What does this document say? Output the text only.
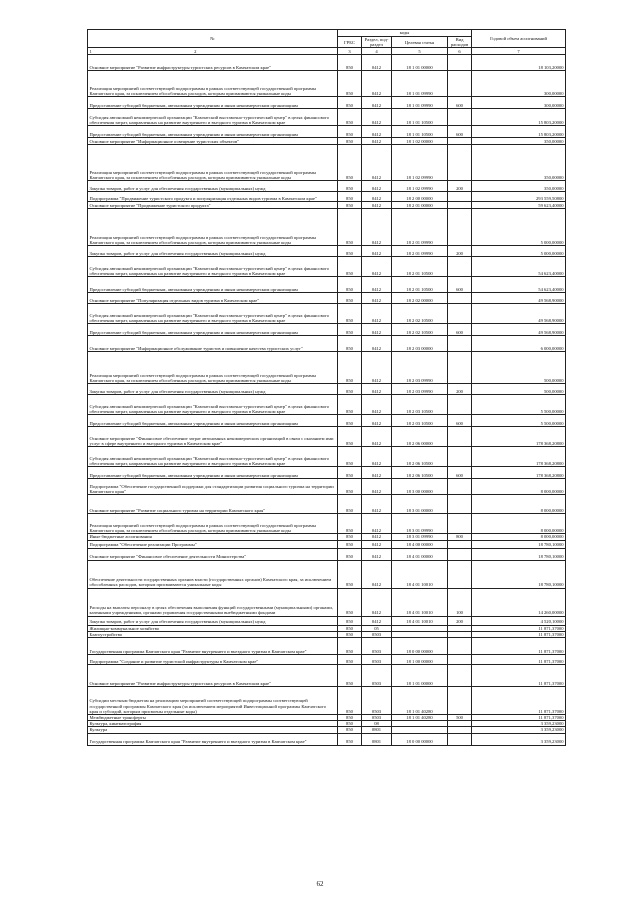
№	коды				Годовой объем ассигнований
	ГРБС	Раздел, под-раздел	Целевая статья	Вид расходов	
1 2	3	4	5	6	7
Основное мероприятие "Развитие инфраструктуры туристских ресурсов в Камчатском крае"	850	0412	18 1 01 00000		18 103,20000
Реализация мероприятий соответствующей подпрограммы в рамках соответствующей государственной программы Камчатского края, за исключением обособленных расходов, которым присваиваются уникальные коды	850	0412	18 1 01 09990		300,00000
Предоставление субсидий бюджетным, автономным учреждениям и иным некоммерческим организациям	850	0412	18 1 01 09990	600	300,00000
Субсидия автономной некоммерческой организации "Камчатский выставочно-туристический центр" в целях финансового обеспечения затрат, направленных на развитие внутреннего и въездного туризма в Камчатском крае	850	0412	18 1 01 10500		15 803,20000
Предоставление субсидий бюджетным, автономным учреждениям и иным некоммерческим организациям	850	0412	18 1 01 10500	600	15 803,20000
Основное мероприятие "Информационное освещение туристских объектов"	850	0412	18 1 02 00000		350,00000
Реализация мероприятий соответствующей подпрограммы в рамках соответствующей государственной программы Камчатского края, за исключением обособленных расходов, которым присваиваются уникальные коды	850	0412	18 1 02 09990		350,00000
Закупка товаров, работ и услуг для обеспечения государственных (муниципальных) нужд	850	0412	18 1 02 09990	200	350,00000
Подпрограмма "Продвижение туристского продукта и популяризация отдельных видов туризма в Камчатском крае"	850	0412	18 2 00 00000		293 559,50800
Основное мероприятие "Продвижение туристского продукта"	850	0412	18 2 01 00000		59 623,40000
Реализация мероприятий соответствующей подпрограммы в рамках соответствующей государственной программы Камчатского края, за исключением обособленных расходов, которым присваиваются уникальные коды	850	0412	18 2 01 09990		5 000,00000
Закупка товаров, работ и услуг для обеспечения государственных (муниципальных) нужд	850	0412	18 2 01 09990	200	5 000,00000
Субсидия автономной некоммерческой организации "Камчатский выставочно-туристический центр" в целях финансового обеспечения затрат, направленных на развитие внутреннего и въездного туризма в Камчатском крае	850	0412	18 2 01 10500		54 623,40000
Предоставление субсидий бюджетным, автономным учреждениям и иным некоммерческим организациям	850	0412	18 2 01 10500	600	54 623,40000
Основное мероприятие "Популяризация отдельных видов туризма в Камчатском крае"	850	0412	18 2 02 00000		49 568,90000
Субсидия автономной некоммерческой организации "Камчатский выставочно-туристический центр" в целях финансового обеспечения затрат, направленных на развитие внутреннего и въездного туризма в Камчатском крае	850	0412	18 2 02 10500		49 568,90000
Предоставление субсидий бюджетным, автономным учреждениям и иным некоммерческим организациям	850	0412	18 2 02 10500	600	49 568,90000
Основное мероприятие "Информационное обслуживание туристов и повышение качества туристских услуг"	850	0412	18 2 03 00000		6 000,00000
Реализация мероприятий соответствующей подпрограммы в рамках соответствующей государственной программы Камчатского края, за исключением обособленных расходов, которым присваиваются уникальные коды	850	0412	18 2 03 09990		500,00000
Закупка товаров, работ и услуг для обеспечения государственных (муниципальных) нужд	850	0412	18 2 03 09990	200	500,00000
Субсидия автономной некоммерческой организации "Камчатский выставочно-туристический центр" в целях финансового обеспечения затрат, направленных на развитие внутреннего и въездного туризма в Камчатском крае	850	0412	18 2 03 10500		5 500,00000
Предоставление субсидий бюджетным, автономным учреждениям и иным некоммерческим организациям	850	0412	18 2 03 10500	600	5 500,00000
Основное мероприятие "Финансовое обеспечение затрат автономных некоммерческих организаций в связи с оказанием ими услуг в сфере внутреннего и въездного туризма в Камчатском крае"	850	0412	18 2 06 00000		178 368,20800
Субсидия автономной некоммерческой организации "Камчатский выставочно-туристический центр" в целях финансового обеспечения затрат, направленных на развитие внутреннего и въездного туризма в Камчатском крае	850	0412	18 2 06 10500		178 368,20800
Предоставление субсидий бюджетным, автономным учреждениям и иным некоммерческим организациям	850	0412	18 2 06 10500	600	178 368,20800
Подпрограмма "Обеспечение государственной поддержки для стандартизации развития социального туризма на территории Камчатского края"	850	0412	18 3 00 00000		8 000,00000
Основное мероприятие "Развитие социального туризма на территории Камчатского края"	850	0412	18 3 01 00000		8 000,00000
Реализация мероприятий соответствующей подпрограммы в рамках соответствующей государственной программы Камчатского края, за исключением обособленных расходов, которым присваиваются уникальные коды	850	0412	18 3 01 09990		8 000,00000
Иные бюджетные ассигнования	850	0412	18 3 01 09990	800	8 000,00000
Подпрограмма "Обеспечение реализации Программы"	850	0412	18 4 00 00000		18 780,10000
Основное мероприятие "Финансовое обеспечение деятельности Министерства"	850	0412	18 4 01 00000		18 780,10000
Обеспечение деятельности государственных органов власти (государственных органов) Камчатского края, за исключением обособленных расходов, которым присваиваются уникальные коды	850	0412	18 4 01 10010		18 780,10000
Расходы на выплаты персоналу в целях обеспечения выполнения функций государственными (муниципальными) органами, казенными учреждениями, органами управления государственными внебюджетными фондами	850	0412	18 4 01 10010	100	14 260,00000
Закупка товаров, работ и услуг для обеспечения государственных (муниципальных) нужд	850	0412	18 4 01 10010	200	4 520,10000
Жилищно-коммунальное хозяйство	850	05			11 871,37000
Благоустройство	850	0503			11 871,37000
Государственная программа Камчатского края "Развитие внутреннего и въездного туризма в Камчатском крае"	850	0503	18 0 00 00000		11 871,37000
Подпрограмма "Создание и развитие туристской инфраструктуры в Камчатском крае"	850	0503	18 1 00 00000		11 871,37000
Основное мероприятие "Развитие инфраструктуры туристских ресурсов в Камчатском крае"	850	0503	18 1 01 00000		11 871,37000
Субсидии местным бюджетам на реализацию мероприятий соответствующей подпрограммы соответствующей государственной программы Камчатского края (за исключением мероприятий Инвестиционной программы Камчатского края и субсидий, которым присвоены отдельные коды)	850	0503	18 1 01 40280		11 871,37000
Межбюджетные трансферты	850	0503	18 1 01 40280	500	11 871,37000
Культура, кинематография	850	08			3 359,23000
Культура	850	0801			3 359,23000
Государственная программа Камчатского края "Развитие внутреннего и въездного туризма в Камчатском крае"	850	0801	18 0 00 00000		3 359,23000
62
